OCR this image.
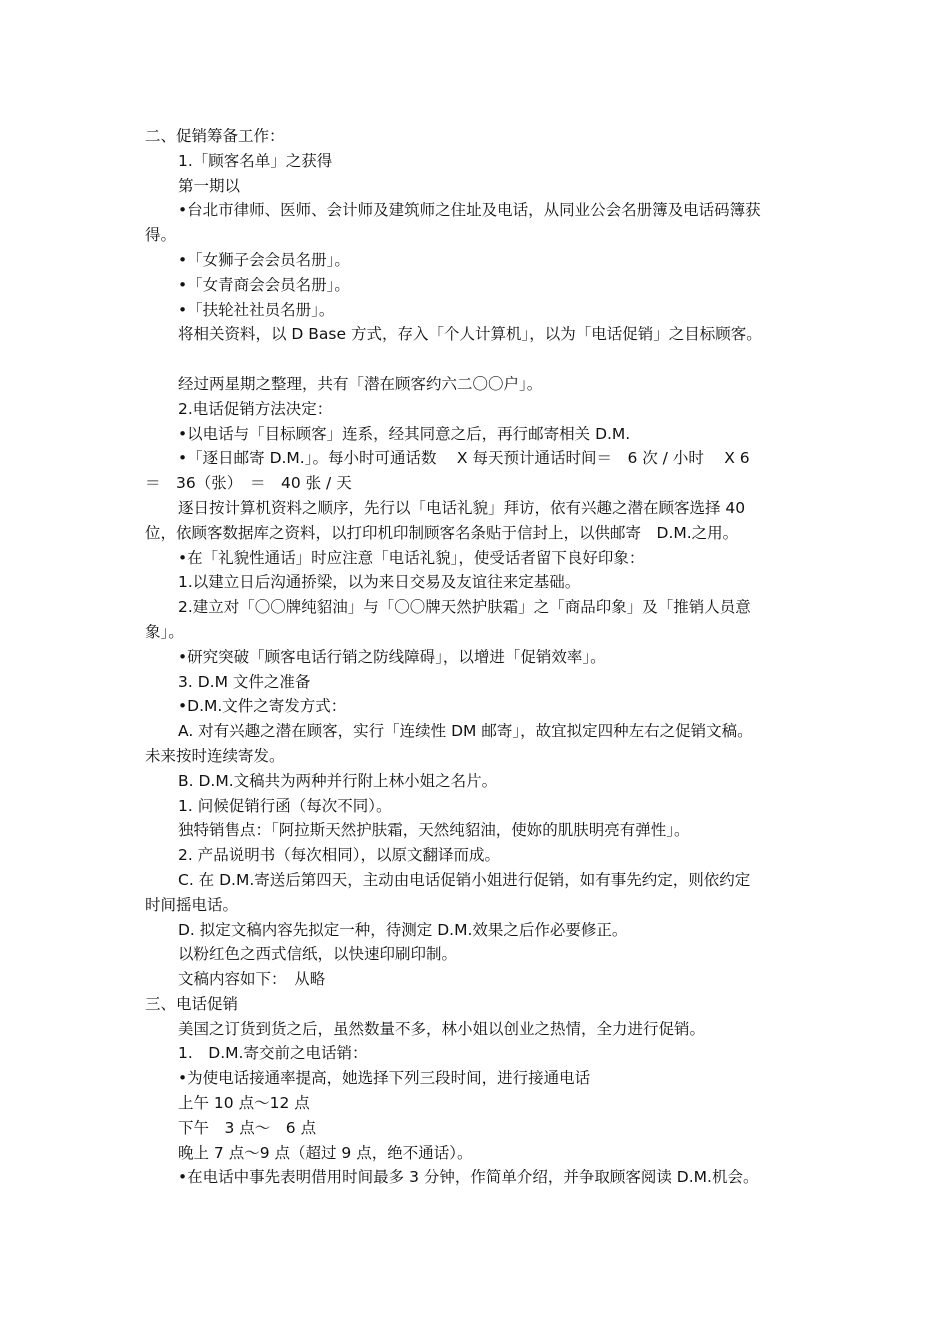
二、促销筹备工作：
1.「顾客名单」之获得
第一期以
•台北市律师、医师、会计师及建筑师之住址及电话，从同业公会名册簿及电话码簿获
得。
•「女狮子会会员名册」。
•「女青商会会员名册」。
•「扶轮社社员名册」。
将相关资料，以 D Base 方式，存入「个人计算机」，以为「电话促销」之目标顾客。
经过两星期之整理，共有「潜在顾客约六二〇〇户」。
2.电话促销方法决定：
•以电话与「目标顾客」连系，经其同意之后，再行邮寄相关 D.M.
•「逐日邮寄 D.M.」。每小时可通话数　 X 每天预计通话时间＝　6 次 / 小时　 X 6
＝　36（张）　＝　40 张 / 天
逐日按计算机资料之顺序，先行以「电话礼貌」拜访，依有兴趣之潜在顾客选择 40
位，依顾客数据库之资料，以打印机印制顾客名条贴于信封上，以供邮寄　D.M.之用。
•在「礼貌性通话」时应注意「电话礼貌」，使受话者留下良好印象：
1.以建立日后沟通挢梁，以为来日交易及友谊往来定基础。
2.建立对「〇〇牌纯貂油」与「〇〇牌天然护肤霜」之「商品印象」及「推销人员意
象」。
•研究突破「顾客电话行销之防线障碍」，以增进「促销效率」。
3. D.M 文件之准备
•D.M.文件之寄发方式：
A. 对有兴趣之潜在顾客，实行「连续性 DM 邮寄」，故宜拟定四种左右之促销文稿。
未来按时连续寄发。
B. D.M.文稿共为两种并行附上林小姐之名片。
1. 问候促销行函（每次不同）。
独特销售点：「阿拉斯天然护肤霜，天然纯貂油，使妳的肌肤明亮有弹性」。
2. 产品说明书（每次相同），以原文翻译而成。
C. 在 D.M.寄送后第四天，主动由电话促销小姐进行促销，如有事先约定，则依约定
时间摇电话。
D. 拟定文稿内容先拟定一种，待测定 D.M.效果之后作必要修正。
以粉红色之西式信纸，以快速印刷印制。
文稿内容如下：　从略
三、电话促销
美国之订货到货之后，虽然数量不多，林小姐以创业之热情，全力进行促销。
1.　D.M.寄交前之电话销：
•为使电话接通率提高，她选择下列三段时间，进行接通电话
上午 10 点～12 点
下午　3 点～　6 点
晚上 7 点～9 点（超过 9 点，绝不通话）。
•在电话中事先表明借用时间最多 3 分钟，作简单介绍，并争取顾客阅读 D.M.机会。
